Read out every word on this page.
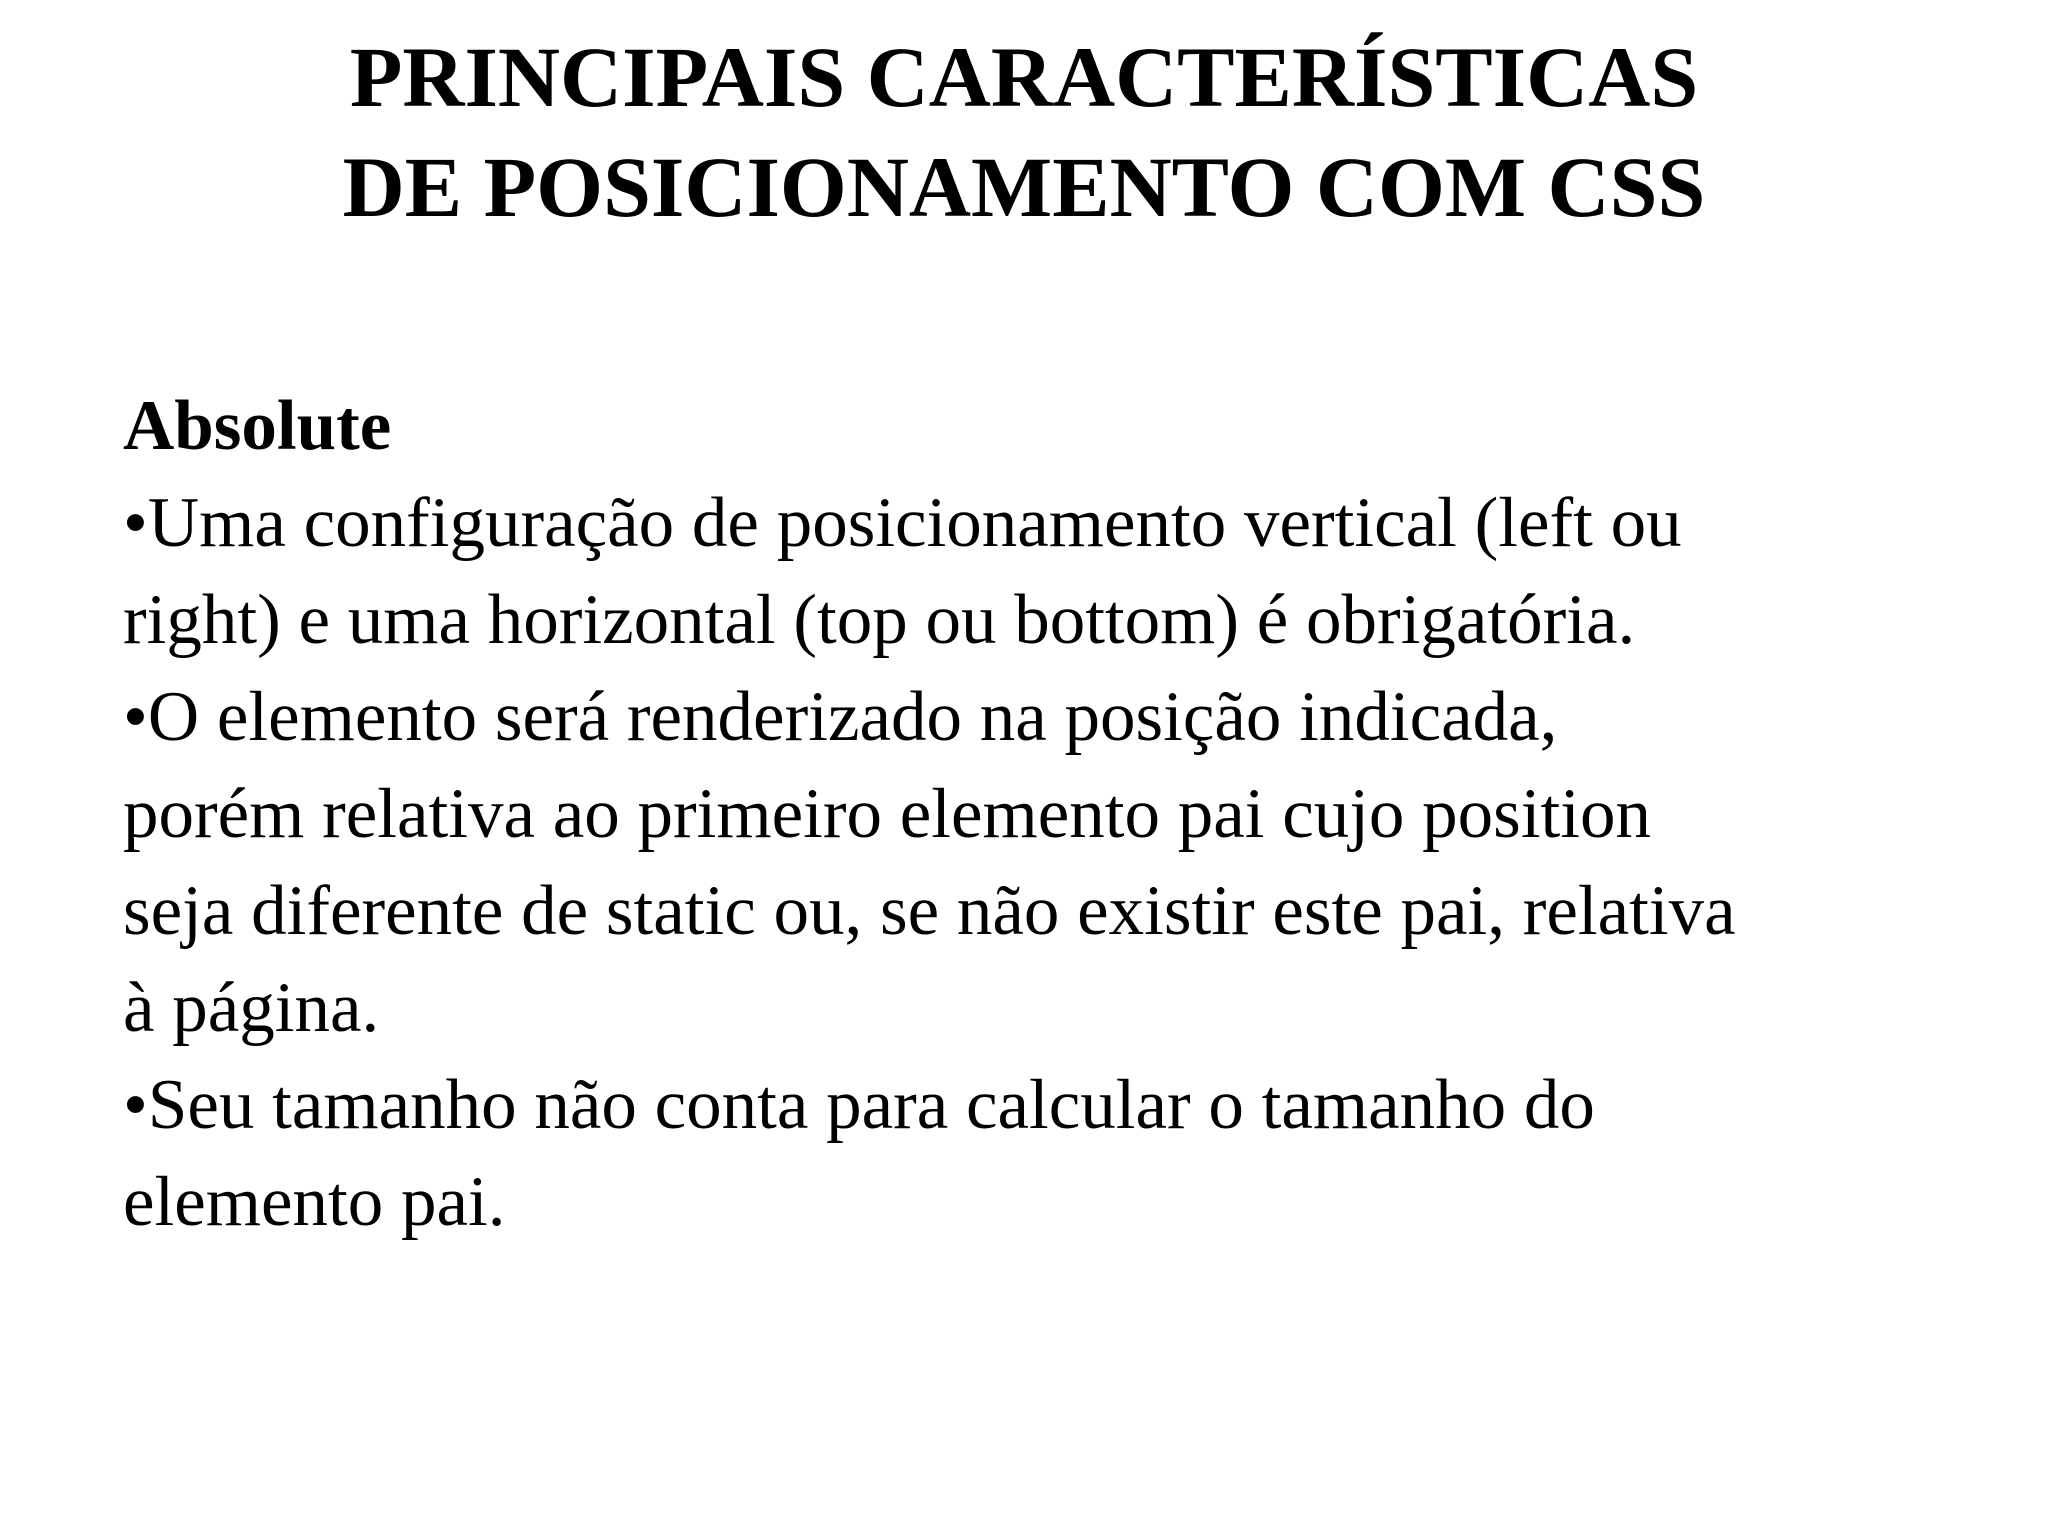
PRINCIPAIS CARACTERÍSTICAS
DE POSICIONAMENTO COM CSS

Absolute

•Uma configuração de posicionamento vertical (left ou

right) e uma horizontal (top ou bottom) é obrigatória.

•O elemento será renderizado na posição indicada,

porém relativa ao primeiro elemento pai cujo position

seja diferente de static ou, se não existir este pai, relativa

à página.

•Seu tamanho não conta para calcular o tamanho do

elemento pai.
